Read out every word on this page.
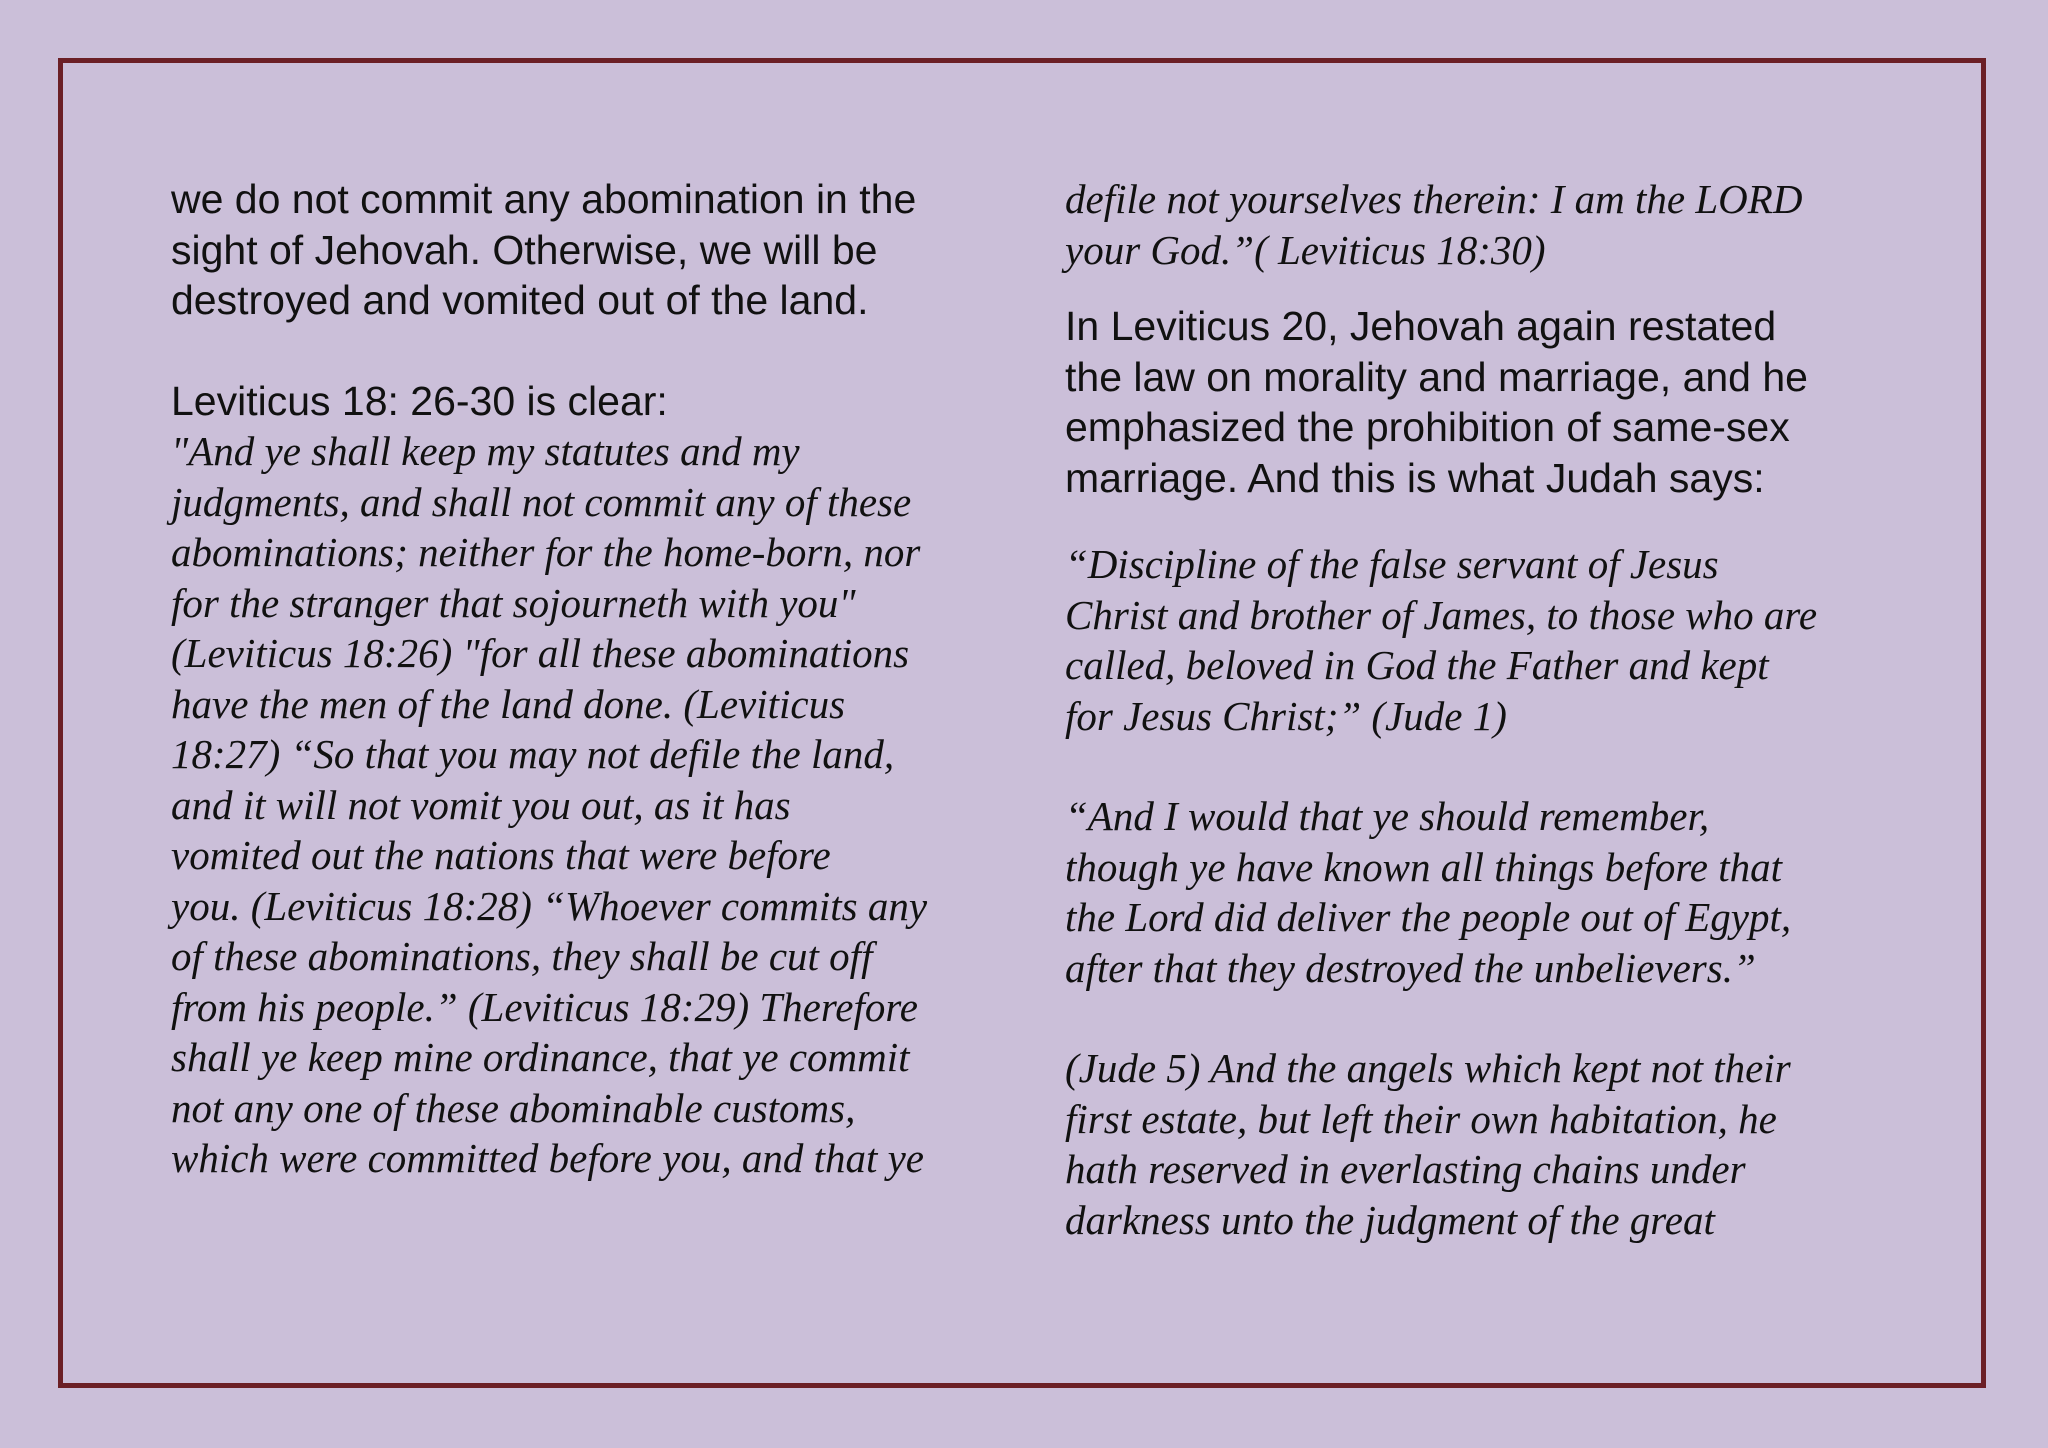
we do not commit any abomination in the
sight of Jehovah. Otherwise, we will be
destroyed and vomited out of the land.

Leviticus 18: 26-30 is clear:

"And ye shall keep my statutes and my
judgments, and shall not commit any of these
abominations; neither for the home-born, nor
for the stranger that sojourneth with you"
(Leviticus 18:26) "for all these abominations
have the men of the land done. (Leviticus
18:27) “So that you may not defile the land,
and it will not vomit you out, as it has
vomited out the nations that were before
you. (Leviticus 18:28) “Whoever commits any
of these abominations, they shall be cut off
from his people.” (Leviticus 18:29) Therefore
shall ye keep mine ordinance, that ye commit
not any one of these abominable customs,
which were committed before you, and that ye

defile not yourselves therein: I am the LORD
your God.”( Leviticus 18:30)

In Leviticus 20, Jehovah again restated
the law on morality and marriage, and he
emphasized the prohibition of same-sex
marriage. And this is what Judah says:

“Discipline of the false servant of Jesus
Christ and brother of James, to those who are
called, beloved in God the Father and kept
for Jesus Christ;” (Jude 1)

“And I would that ye should remember,
though ye have known all things before that
the Lord did deliver the people out of Egypt,
after that they destroyed the unbelievers.”

(Jude 5) And the angels which kept not their
first estate, but left their own habitation, he
hath reserved in everlasting chains under
darkness unto the judgment of the great
